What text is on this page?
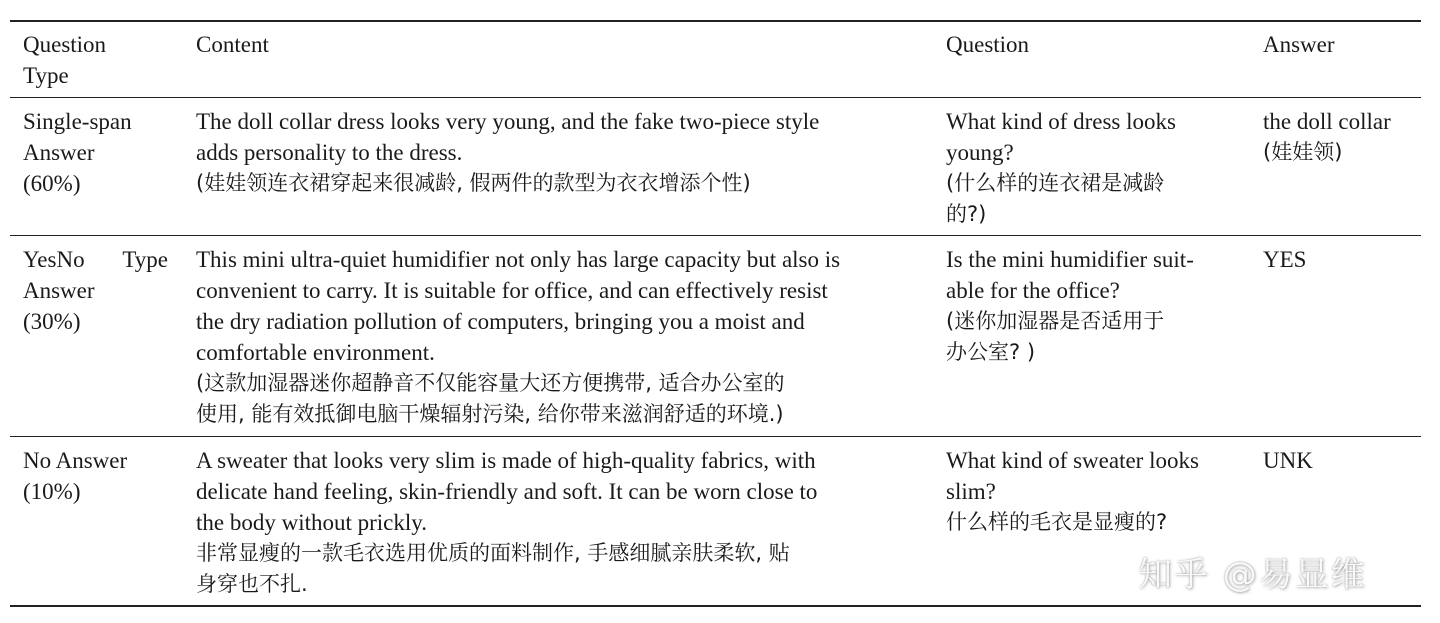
Question
Type
Content	Question	Answer
Single-span
Answer
(60%)
The doll collar dress looks very young, and the fake two-piece style
adds personality to the dress.
(娃娃领连衣裙穿起来很减龄, 假两件的款型为衣衣增添个性)
What kind of dress looks
young?
(什么样的连衣裙是减龄
的?)
the doll collar
(娃娃领)
YesNo Type
Answer
(30%)
This mini ultra-quiet humidifier not only has large capacity but also is
convenient to carry. It is suitable for office, and can effectively resist
the dry radiation pollution of computers, bringing you a moist and
comfortable environment.
(这款加湿器迷你超静音不仅能容量大还方便携带, 适合办公室的
使用, 能有效抵御电脑干燥辐射污染, 给你带来滋润舒适的环境.)
Is the mini humidifier suit-
able for the office?
(迷你加湿器是否适用于
办公室? )
YES
No Answer
(10%)
A sweater that looks very slim is made of high-quality fabrics, with
delicate hand feeling, skin-friendly and soft. It can be worn close to
the body without prickly.
非常显瘦的一款毛衣选用优质的面料制作, 手感细腻亲肤柔软, 贴
身穿也不扎.
What kind of sweater looks
slim?
什么样的毛衣是显瘦的?
UNK
知乎 @易显维
